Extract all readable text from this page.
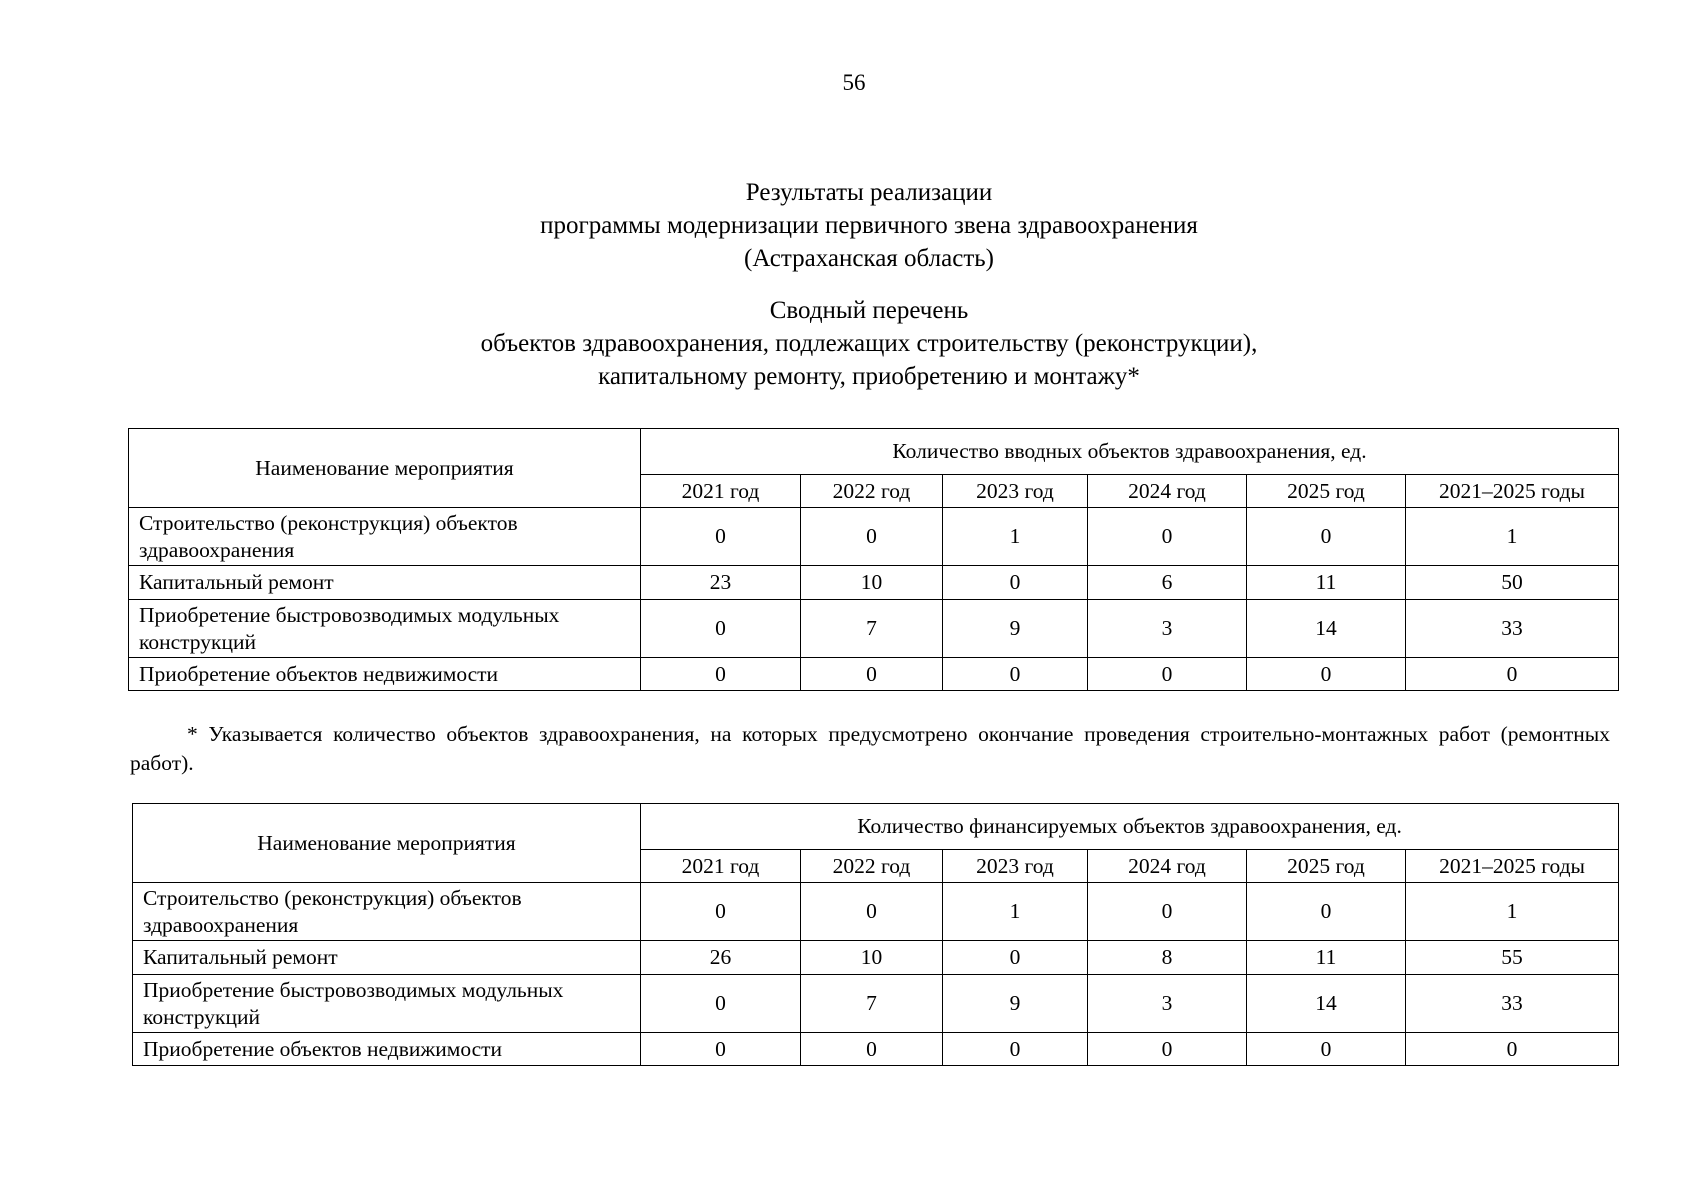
56
Результаты реализации
программы модернизации первичного звена здравоохранения
(Астраханская область)
Сводный перечень
объектов здравоохранения, подлежащих строительству (реконструкции),
капитальному ремонту, приобретению и монтажу*
Наименование мероприятия	Количество вводных объектов здравоохранения, ед.					
	2021 год	2022 год	2023 год	2024 год	2025 год	2021–2025 годы
Строительство (реконструкция) объектов здравоохранения	0	0	1	0	0	1
Капитальный ремонт	23	10	0	6	11	50
Приобретение быстровозводимых модульных конструкций	0	7	9	3	14	33
Приобретение объектов недвижимости	0	0	0	0	0	0
* Указывается количество объектов здравоохранения, на которых предусмотрено окончание проведения строительно-монтажных работ (ремонтных работ).
Наименование мероприятия	Количество финансируемых объектов здравоохранения, ед.					
	2021 год	2022 год	2023 год	2024 год	2025 год	2021–2025 годы
Строительство (реконструкция) объектов здравоохранения	0	0	1	0	0	1
Капитальный ремонт	26	10	0	8	11	55
Приобретение быстровозводимых модульных конструкций	0	7	9	3	14	33
Приобретение объектов недвижимости	0	0	0	0	0	0
